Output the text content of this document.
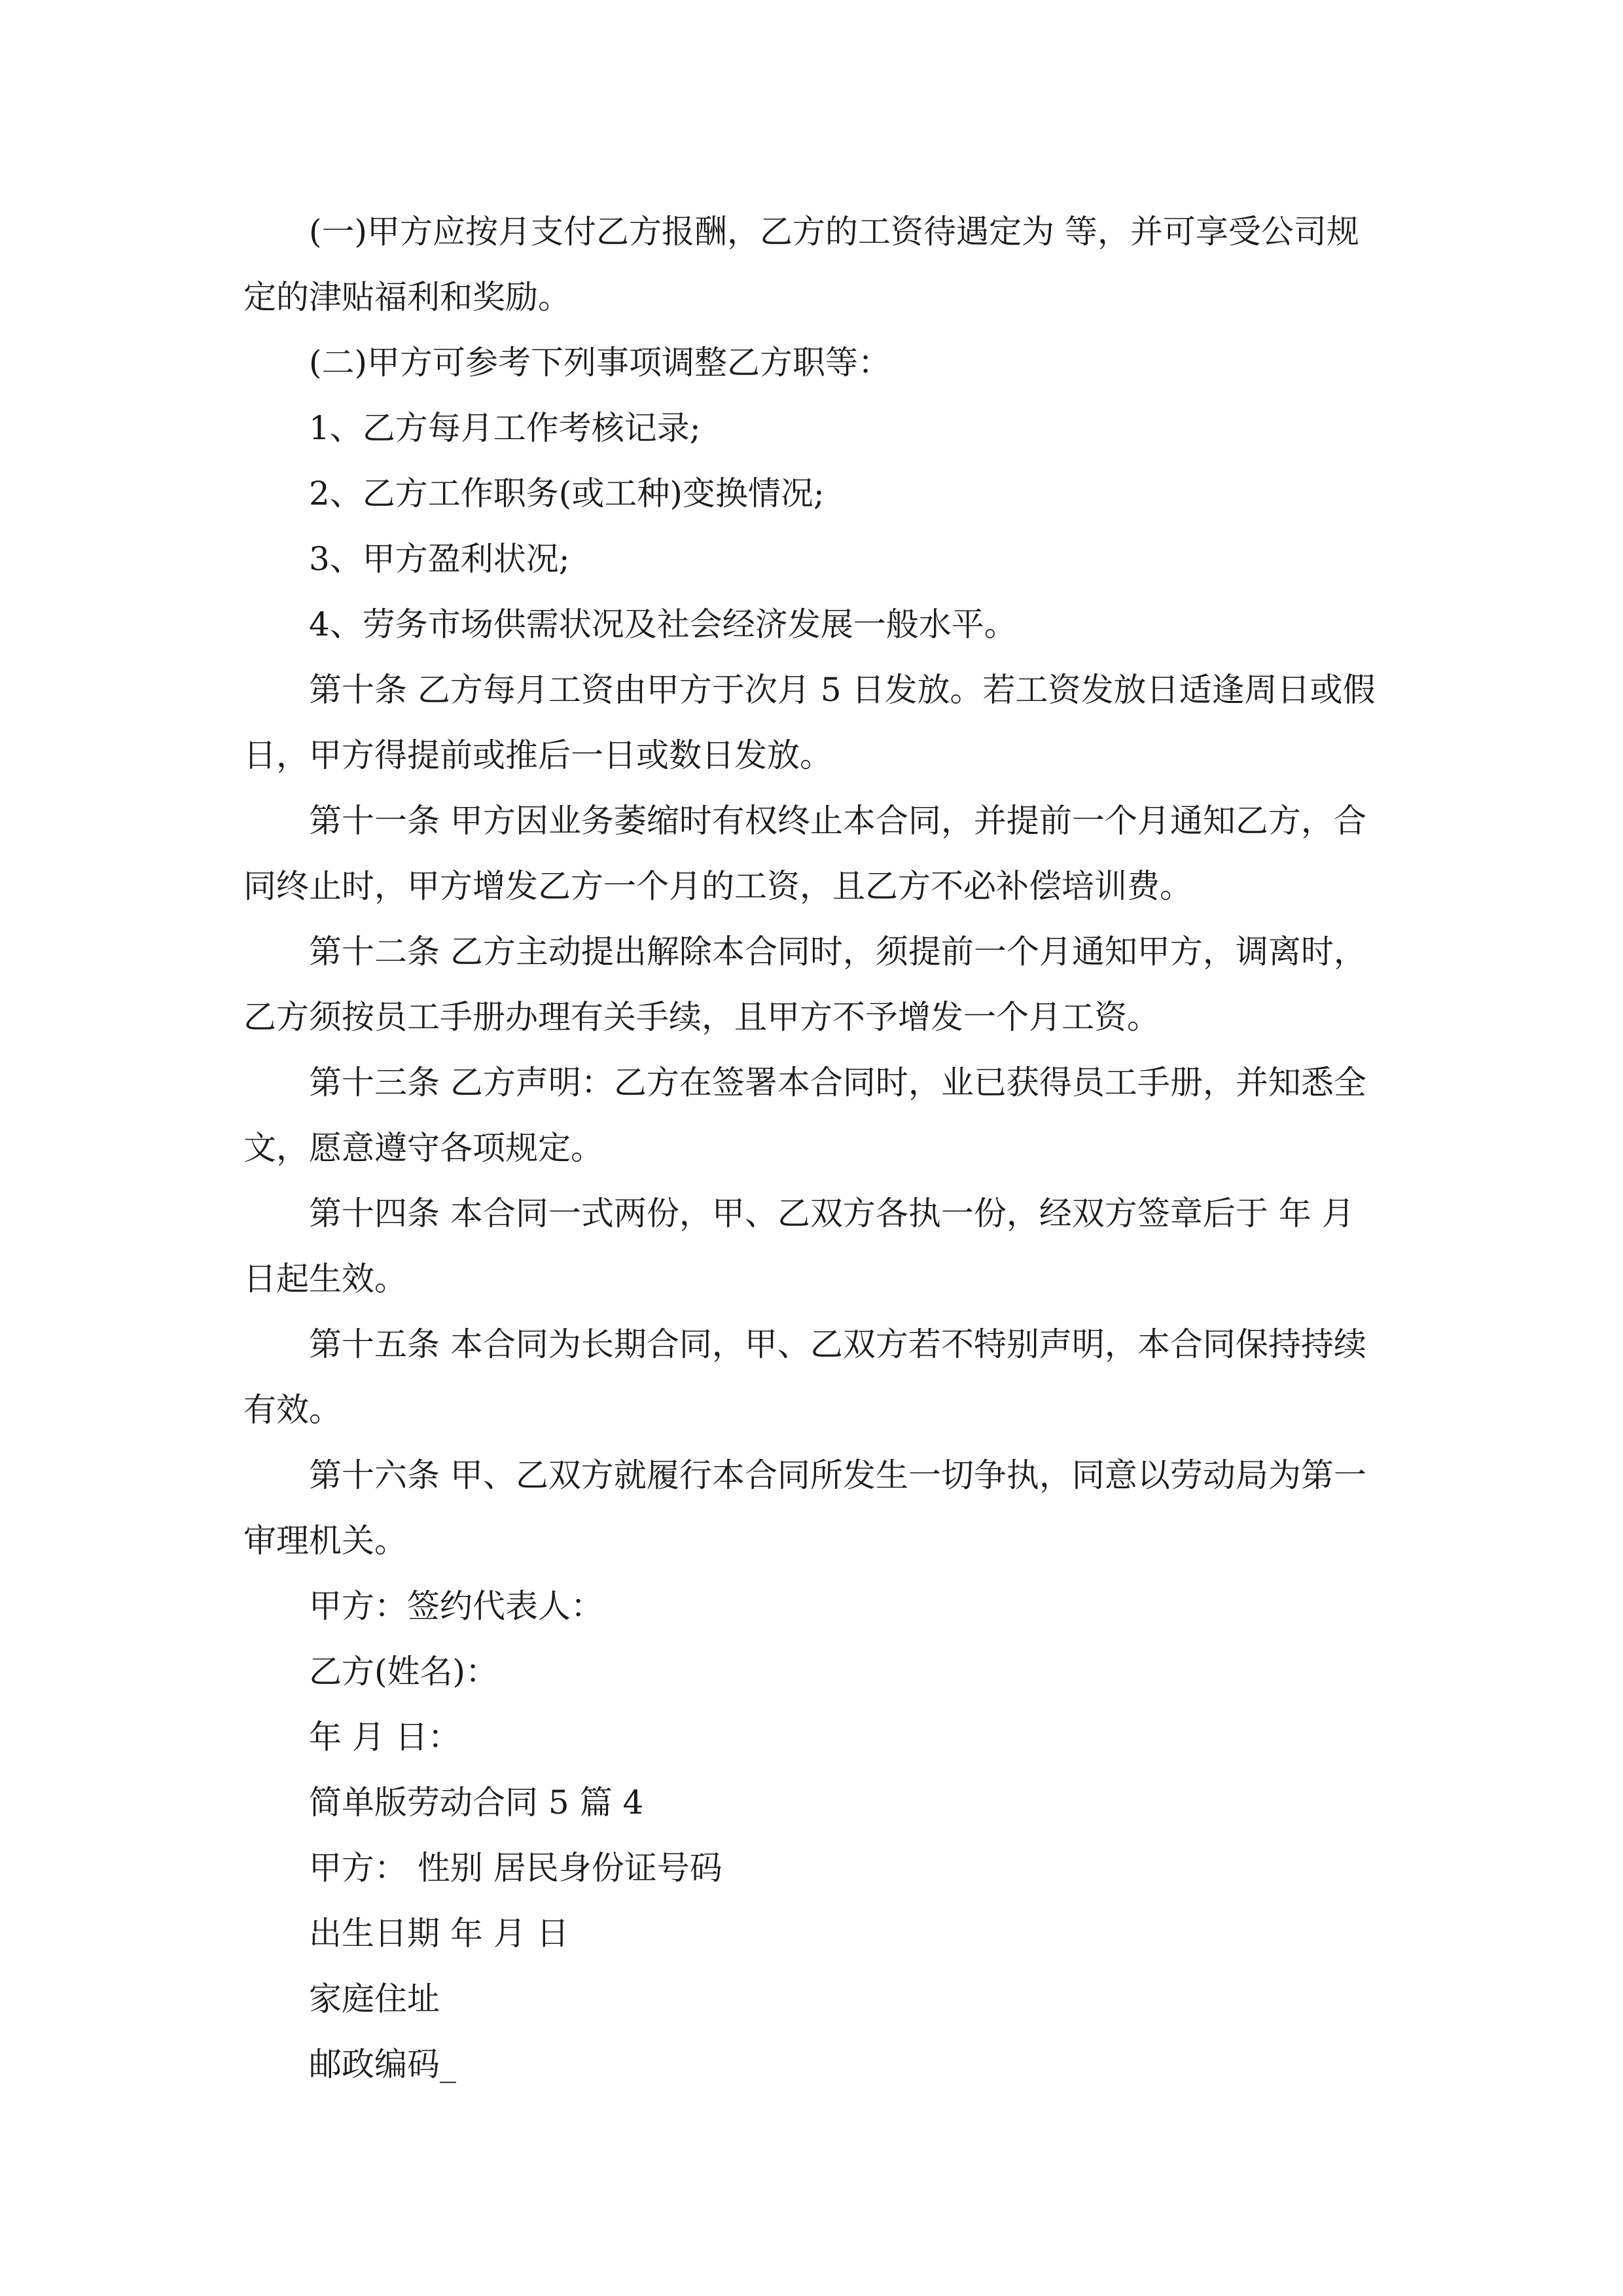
(一)甲方应按月支付乙方报酬，乙方的工资待遇定为 等，并可享受公司规

定的津贴福利和奖励。

(二)甲方可参考下列事项调整乙方职等：

1、乙方每月工作考核记录;

2、乙方工作职务(或工种)变换情况;

3、甲方盈利状况;

4、劳务市场供需状况及社会经济发展一般水平。

第十条 乙方每月工资由甲方于次月 5 日发放。若工资发放日适逢周日或假

日，甲方得提前或推后一日或数日发放。

第十一条 甲方因业务萎缩时有权终止本合同，并提前一个月通知乙方，合

同终止时，甲方增发乙方一个月的工资，且乙方不必补偿培训费。

第十二条 乙方主动提出解除本合同时，须提前一个月通知甲方，调离时，

乙方须按员工手册办理有关手续，且甲方不予增发一个月工资。

第十三条 乙方声明：乙方在签署本合同时，业已获得员工手册，并知悉全

文，愿意遵守各项规定。

第十四条 本合同一式两份，甲、乙双方各执一份，经双方签章后于 年 月

日起生效。

第十五条 本合同为长期合同，甲、乙双方若不特别声明，本合同保持持续

有效。

第十六条 甲、乙双方就履行本合同所发生一切争执，同意以劳动局为第一

审理机关。

甲方：签约代表人：

乙方(姓名)：

年 月 日：

简单版劳动合同 5 篇 4

甲方： 性别 居民身份证号码

出生日期 年 月 日

家庭住址

邮政编码_
